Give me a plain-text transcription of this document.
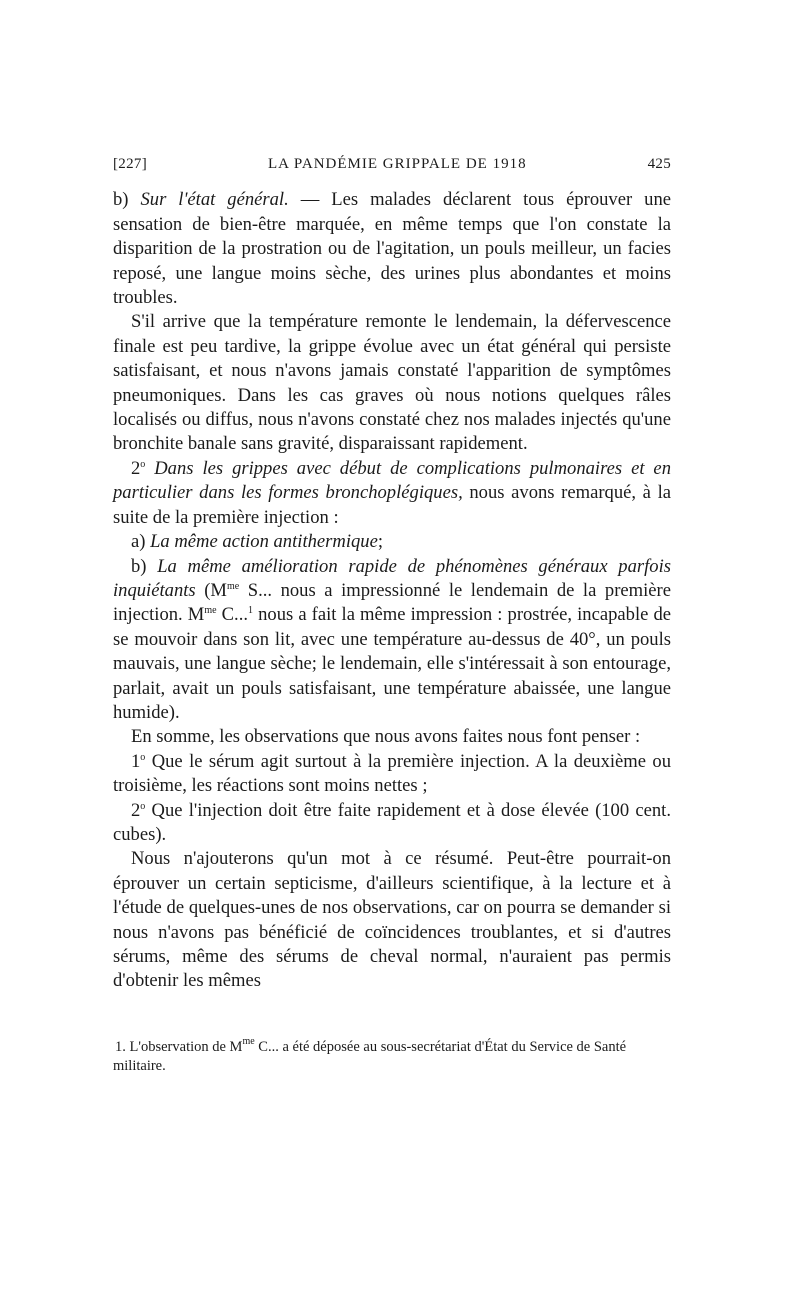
[227]	LA PANDÉMIE GRIPPALE DE 1918	425

b) Sur l'état général. — Les malades déclarent tous éprouver une sensation de bien-être marquée, en même temps que l'on constate la disparition de la prostration ou de l'agitation, un pouls meilleur, un facies reposé, une langue moins sèche, des urines plus abondantes et moins troubles.

S'il arrive que la température remonte le lendemain, la défervescence finale est peu tardive, la grippe évolue avec un état général qui persiste satisfaisant, et nous n'avons jamais constaté l'apparition de symptômes pneumoniques. Dans les cas graves où nous notions quelques râles localisés ou diffus, nous n'avons constaté chez nos malades injectés qu'une bronchite banale sans gravité, disparaissant rapidement.

2$^o$ Dans les grippes avec début de complications pulmonaires et en particulier dans les formes bronchoplégiques, nous avons remarqué, à la suite de la première injection :

a) La même action antithermique;

b) La même amélioration rapide de phénomènes généraux parfois inquiétants ($M^{me}$ S... nous a impressionné le lendemain de la première injection. $M^{me}$ C...$^1$ nous a fait la même impression : prostrée, incapable de se mouvoir dans son lit, avec une température au-dessus de 40°, un pouls mauvais, une langue sèche; le lendemain, elle s'intéressait à son entourage, parlait, avait un pouls satisfaisant, une température abaissée, une langue humide).

En somme, les observations que nous avons faites nous font penser :

1$^o$ Que le sérum agit surtout à la première injection. A la deuxième ou troisième, les réactions sont moins nettes ;

2$^o$ Que l'injection doit être faite rapidement et à dose élevée (100 cent. cubes).

Nous n'ajouterons qu'un mot à ce résumé. Peut-être pourrait-on éprouver un certain septicisme, d'ailleurs scientifique, à la lecture et à l'étude de quelques-unes de nos observations, car on pourra se demander si nous n'avons pas bénéficié de coïncidences troublantes, et si d'autres sérums, même des sérums de cheval normal, n'auraient pas permis d'obtenir les mêmes

1. L'observation de $M^{me}$ C... a été déposée au sous-secrétariat d'État du Service de Santé militaire.
